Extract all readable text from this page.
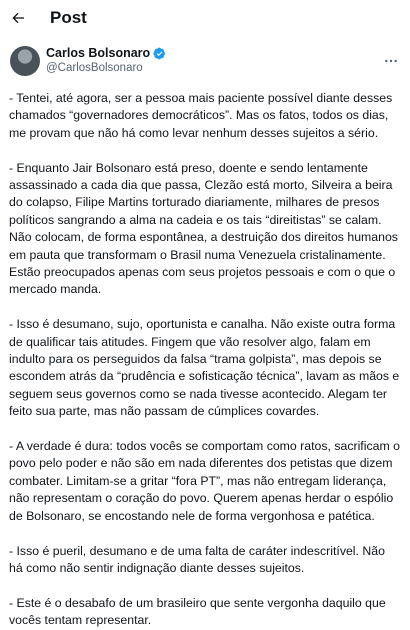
Post
Carlos Bolsonaro
@CarlosBolsonaro

- Tentei, até agora, ser a pessoa mais paciente possível diante desses chamados “governadores democráticos”. Mas os fatos, todos os dias, me provam que não há como levar nenhum desses sujeitos a sério.

- Enquanto Jair Bolsonaro está preso, doente e sendo lentamente assassinado a cada dia que passa, Clezão está morto, Silveira a beira do colapso, Filipe Martins torturado diariamente, milhares de presos políticos sangrando a alma na cadeia e os tais “direitistas” se calam. Não colocam, de forma espontânea, a destruição dos direitos humanos em pauta que transformam o Brasil numa Venezuela cristalinamente. Estão preocupados apenas com seus projetos pessoais e com o que o mercado manda.

- Isso é desumano, sujo, oportunista e canalha. Não existe outra forma de qualificar tais atitudes. Fingem que vão resolver algo, falam em indulto para os perseguidos da falsa “trama golpista”, mas depois se escondem atrás da “prudência e sofisticação técnica”, lavam as mãos e seguem seus governos como se nada tivesse acontecido. Alegam ter feito sua parte, mas não passam de cúmplices covardes.

- A verdade é dura: todos vocês se comportam como ratos, sacrificam o povo pelo poder e não são em nada diferentes dos petistas que dizem combater. Limitam-se a gritar “fora PT”, mas não entregam liderança, não representam o coração do povo. Querem apenas herdar o espólio de Bolsonaro, se encostando nele de forma vergonhosa e patética.

- Isso é pueril, desumano e de uma falta de caráter indescritível. Não há como não sentir indignação diante desses sujeitos.

- Este é o desabafo de um brasileiro que sente vergonha daquilo que vocês tentam representar.
